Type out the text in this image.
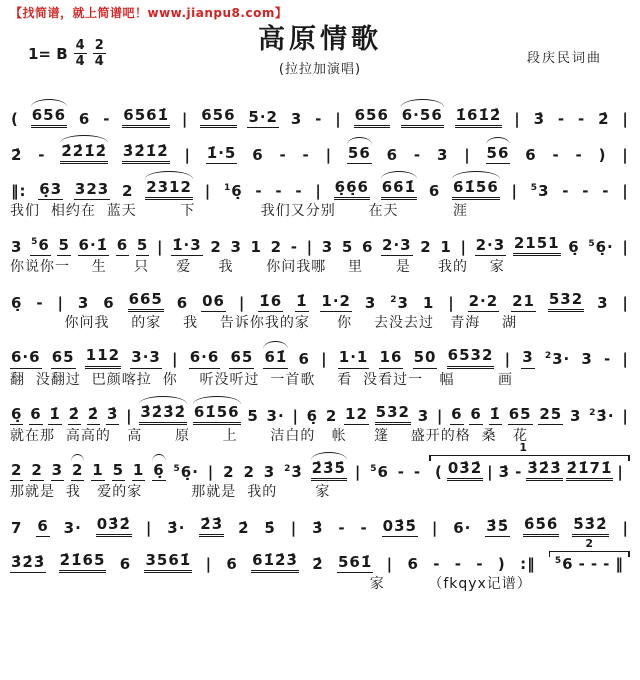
【找简谱，就上简谱吧！www.jianpu8.com】
1= B $\frac{4}{4} \frac{2}{4}$	高原情歌
(拉拉加演唱)
段庆民词曲
( 656 6 - 6561̇ | 656 5·2 3 - | 656 6·56 1̇61̇2̇ | 3̇ - - 2̇ |
2̇ - 2̇2̇1̇2̇ 3̇2̇1̇2̇ | 1̇·5 6 - - | 56 6 - 3 | 56 6 - - ) |
‖: 6̣3 323 2 2312 | $^1$6̣ - - - | 6̣6̣6 661̇ 6 61̇56 | $^5$3 - - - |
我们  相约在  蓝天        下            我们又分别      在天          涯
3 $^5$6 5 6·1̇ 6 5 | 1̇·3 2 3 1 2 - | 3 5 6 2·3 2 1 | 2·3 2151 6̣ $^5$6̣· |
你说你一    生     只     爱     我      你问我哪    里      是     我的    家
6̣ - | 3 6 665 6 06 | 1̇6 1̇ 1·2 3 $^2$3 1 | 2·2 21 532 3 |
你问我    的家    我    告诉你我的家     你    去没去过   青海    湖
6·6 65 112 3·3 | 6·6 65 61̇ 6 | 1·1 16 50 6532 | 3 $^2$3· 3 - |
翻  没翻过  巴颜喀拉  你    听没听过  一首歌    看  没看过一   幅        画
6̣ 6 1̇ 2̇ 2̇ 3̇ | 3̇2̇3̇2̇ 61̇56 5 3· | 6̣ 2 12 532 3 | 6 6 1̇ 65 25 3 $^2$3̇· |
就在那  高高的   高      原      上      洁白的   帐     篷    盛开的格  桑   花
2 2 3 2 1 5 1 6̣ $^5$6̣· | 2 2 3 $^2$3̇ 2̇3̇5̇ | $^5$6 - -
1
( 03̇2̇ | 3̇ - 3̇2̇3̇ 2̇1̇71̇ |
那就是  我   爱的家         那就是  我的       家
7 6 3· 03̇2̇ | 3̇· 2̇3̇ 2̇ 5̇ | 3̇ - - 03̇5̇ | 6· 3̇5̇ 6̇5̇6̇ 5̇3̇2̇ |
3̇2̇3̇ 2̇1̇65 6 3561̇ | 6 61̇2̇3̇ 2̇ 561̇ | 6 - - - ) :‖
2
$^5$6 - - - ‖
家        （fkqyx记谱）
